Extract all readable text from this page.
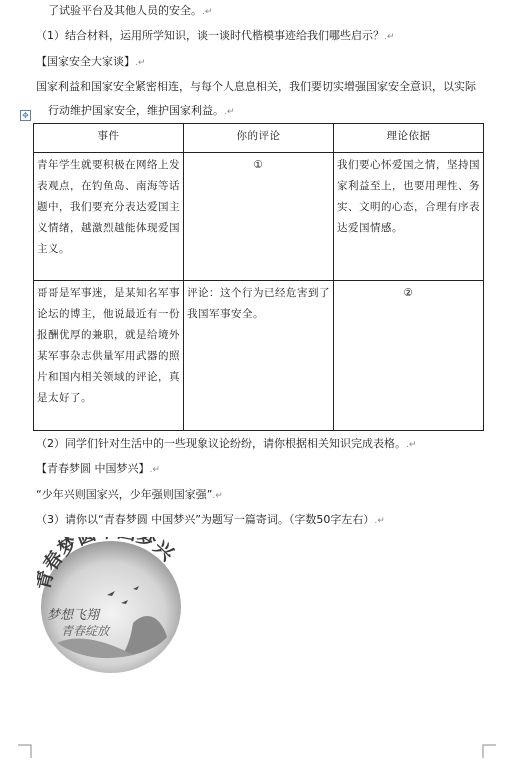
了试验平台及其他人员的安全。.↵
（1）结合材料，运用所学知识，谈一谈时代楷模事迹给我们哪些启示？.↵
【国家安全大家谈】.↵
国家利益和国家安全紧密相连，与每个人息息相关，我们要切实增强国家安全意识，以实际
行动维护国家安全，维护国家利益。.↵
✥
事件	你的评论	理论依据
青年学生就要积极在网络上发表观点，在钓鱼岛、南海等话题中，我们要充分表达爱国主义情绪，越激烈越能体现爱国主义。	①	我们要心怀爱国之情，坚持国家利益至上，也要用理性、务实、文明的心态，合理有序表达爱国情感。
哥哥是军事迷，是某知名军事论坛的博主，他说最近有一份报酬优厚的兼职，就是给境外某军事杂志供量军用武器的照片和国内相关领域的评论，真是太好了。	评论：这个行为已经危害到了我国军事安全。	②
（2）同学们针对生活中的一些现象议论纷纷，请你根据相关知识完成表格。.↵
【青春梦圆 中国梦兴】.↵
“少年兴则国家兴，少年强则国家强”.↵
（3）请你以“青春梦圆 中国梦兴”为题写一篇寄词。（字数50字左右）.↵
春梦 梦兴
梦想飞翔
青春绽放
